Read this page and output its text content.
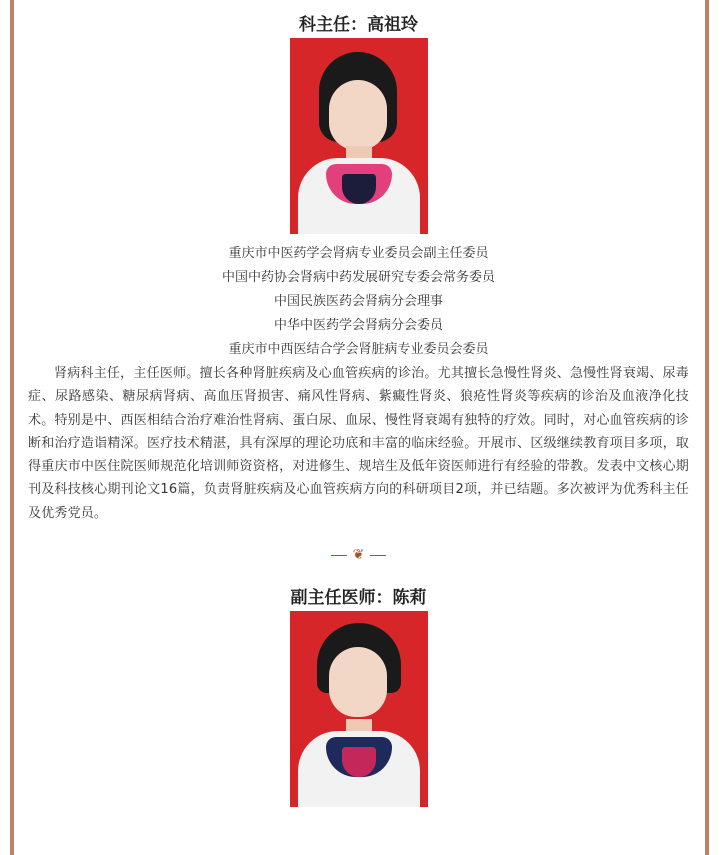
科主任：高祖玲
重庆市中医药学会肾病专业委员会副主任委员
中国中药协会肾病中药发展研究专委会常务委员
中国民族医药会肾病分会理事
中华中医药学会肾病分会委员
重庆市中西医结合学会肾脏病专业委员会委员

肾病科主任，主任医师。擅长各种肾脏疾病及心血管疾病的诊治。尤其擅长急慢性肾炎、急慢性肾衰竭、尿毒症、尿路感染、糖尿病肾病、高血压肾损害、痛风性肾病、紫癜性肾炎、狼疮性肾炎等疾病的诊治及血液净化技术。特别是中、西医相结合治疗难治性肾病、蛋白尿、血尿、慢性肾衰竭有独特的疗效。同时，对心血管疾病的诊断和治疗造诣精深。医疗技术精湛，具有深厚的理论功底和丰富的临床经验。开展市、区级继续教育项目多项，取得重庆市中医住院医师规范化培训师资资格，对进修生、规培生及低年资医师进行有经验的带教。发表中文核心期刊及科技核心期刊论文16篇，负责肾脏疾病及心血管疾病方向的科研项目2项，并已结题。多次被评为优秀科主任及优秀党员。

❦
副主任医师：陈莉
